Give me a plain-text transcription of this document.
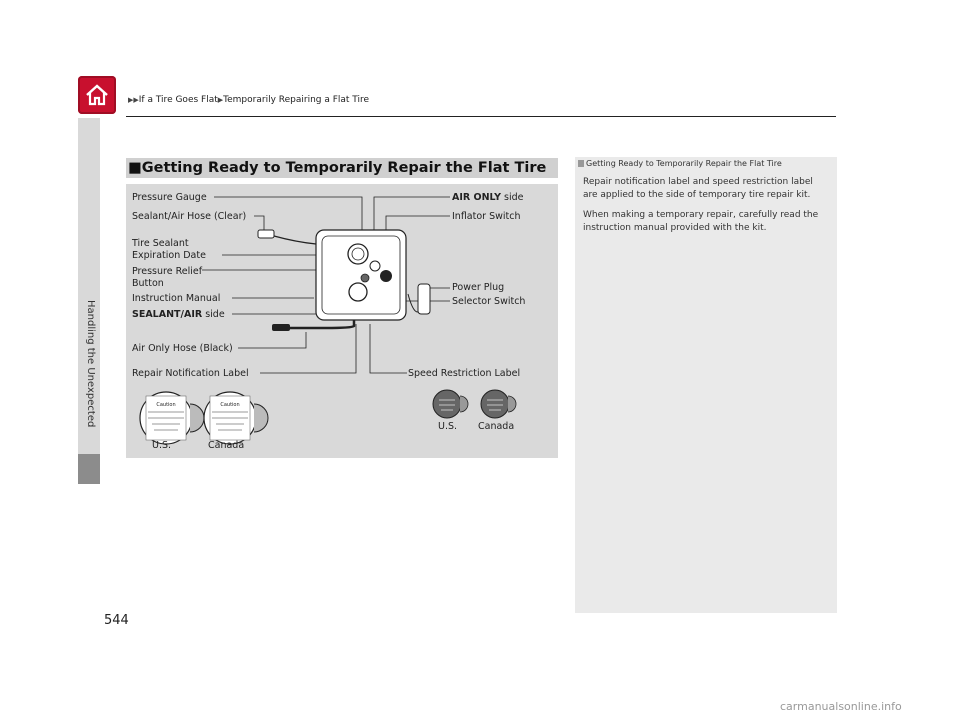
▶▶If a Tire Goes Flat▶Temporarily Repairing a Flat Tire
Handling the Unexpected
544
■Getting Ready to Temporarily Repair the Flat Tire
Caution	Caution
Pressure Gauge
Sealant/Air Hose (Clear)
Tire Sealant
Expiration Date
Pressure Relief
Button
Instruction Manual
SEALANT/AIR side
Air Only Hose (Black)
Repair Notification Label
AIR ONLY side
Inflator Switch
Power Plug
Selector Switch
Speed Restriction Label
U.S.	Canada
U.S. Canada
Getting Ready to Temporarily Repair the Flat Tire

Repair notification label and speed restriction label are applied to the side of temporary tire repair kit.

When making a temporary repair, carefully read the instruction manual provided with the kit.

carmanualsonline.info
